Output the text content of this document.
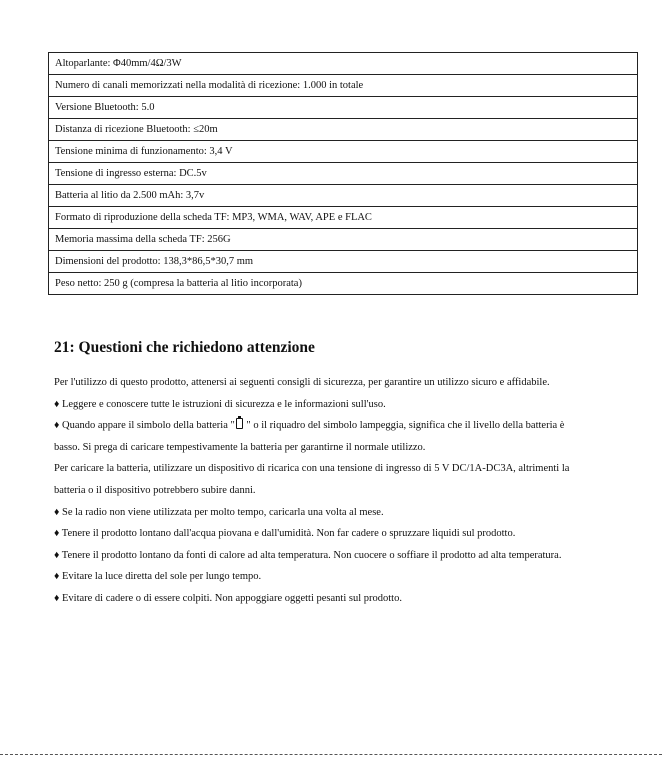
Altoparlante: Φ40mm/4Ω/3W
Numero di canali memorizzati nella modalità di ricezione: 1.000 in totale
Versione Bluetooth: 5.0
Distanza di ricezione Bluetooth: ≤20m
Tensione minima di funzionamento: 3,4 V
Tensione di ingresso esterna: DC.5v
Batteria al litio da 2.500 mAh: 3,7v
Formato di riproduzione della scheda TF: MP3, WMA, WAV, APE e FLAC
Memoria massima della scheda TF: 256G
Dimensioni del prodotto: 138,3*86,5*30,7 mm
Peso netto: 250 g (compresa la batteria al litio incorporata)
21: Questioni che richiedono attenzione

Per l'utilizzo di questo prodotto, attenersi ai seguenti consigli di sicurezza, per garantire un utilizzo sicuro e affidabile.

♦ Leggere e conoscere tutte le istruzioni di sicurezza e le informazioni sull'uso.

♦ Quando appare il simbolo della batteria " " o il riquadro del simbolo lampeggia, significa che il livello della batteria è

basso. Si prega di caricare tempestivamente la batteria per garantirne il normale utilizzo.

Per caricare la batteria, utilizzare un dispositivo di ricarica con una tensione di ingresso di 5 V DC/1A-DC3A, altrimenti la

batteria o il dispositivo potrebbero subire danni.

♦ Se la radio non viene utilizzata per molto tempo, caricarla una volta al mese.

♦ Tenere il prodotto lontano dall'acqua piovana e dall'umidità. Non far cadere o spruzzare liquidi sul prodotto.

♦ Tenere il prodotto lontano da fonti di calore ad alta temperatura. Non cuocere o soffiare il prodotto ad alta temperatura.

♦ Evitare la luce diretta del sole per lungo tempo.

♦ Evitare di cadere o di essere colpiti. Non appoggiare oggetti pesanti sul prodotto.
